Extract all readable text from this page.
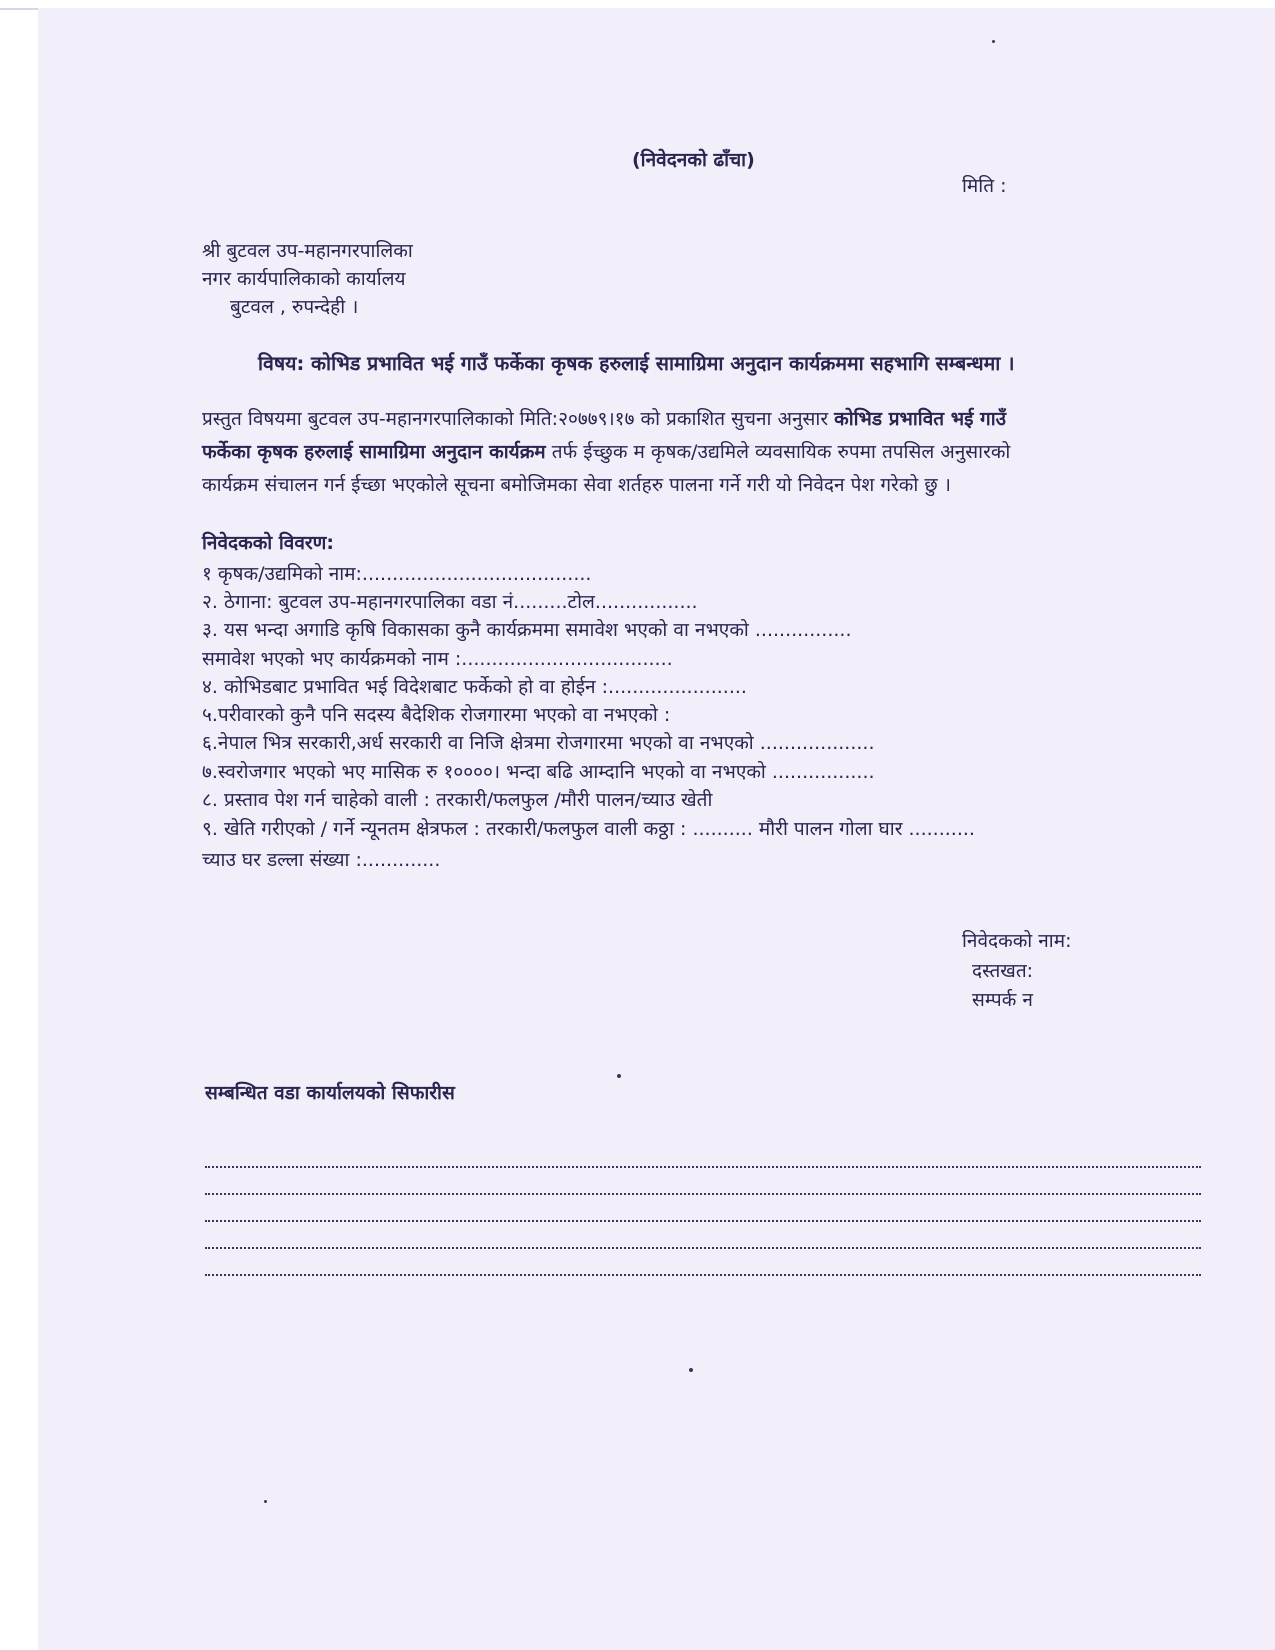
(निवेदनको ढाँचा)
मिति :
श्री बुटवल उप-महानगरपालिका
नगर कार्यपालिकाको कार्यालय
बुटवल , रुपन्देही ।
विषय: कोभिड प्रभावित भई गाउँ फर्केका कृषक हरुलाई सामाग्रिमा अनुदान कार्यक्रममा सहभागि सम्बन्धमा ।
प्रस्तुत विषयमा बुटवल उप-महानगरपालिकाको मिति:२०७७९।१७ को प्रकाशित सुचना अनुसार कोभिड प्रभावित भई गाउँ
फर्केका कृषक हरुलाई सामाग्रिमा अनुदान कार्यक्रम तर्फ ईच्छुक म कृषक/उद्यमिले व्यवसायिक रुपमा तपसिल अनुसारको
कार्यक्रम संचालन गर्न ईच्छा भएकोले सूचना बमोजिमका सेवा शर्तहरु पालना गर्ने गरी यो निवेदन पेश गरेको छु ।
निवेदकको विवरण:
१ कृषक/उद्यमिको नाम:......................................
२. ठेगाना: बुटवल उप-महानगरपालिका वडा नं.........टोल.................
३. यस भन्दा अगाडि कृषि विकासका कुनै कार्यक्रममा समावेश भएको वा नभएको ................
समावेश भएको भए कार्यक्रमको नाम :...................................
४. कोभिडबाट प्रभावित भई विदेशबाट फर्केको हो वा होईन :.......................
५.परीवारको कुनै पनि सदस्य बैदेशिक रोजगारमा भएको वा नभएको :
६.नेपाल भित्र सरकारी,अर्ध सरकारी वा निजि क्षेत्रमा रोजगारमा भएको वा नभएको ...................
७.स्वरोजगार भएको भए मासिक रु १००००। भन्दा बढि आम्दानि भएको वा नभएको .................
८. प्रस्ताव पेश गर्न चाहेको वाली : तरकारी/फलफुल /मौरी पालन/च्याउ खेती
९. खेति गरीएको / गर्ने न्यूनतम क्षेत्रफल : तरकारी/फलफुल वाली कठ्ठा : .......... मौरी पालन गोला घार ...........
च्याउ घर डल्ला संख्या :.............
निवेदकको नाम:
दस्तखत:
सम्पर्क न
सम्बन्धित वडा कार्यालयको सिफारीस
